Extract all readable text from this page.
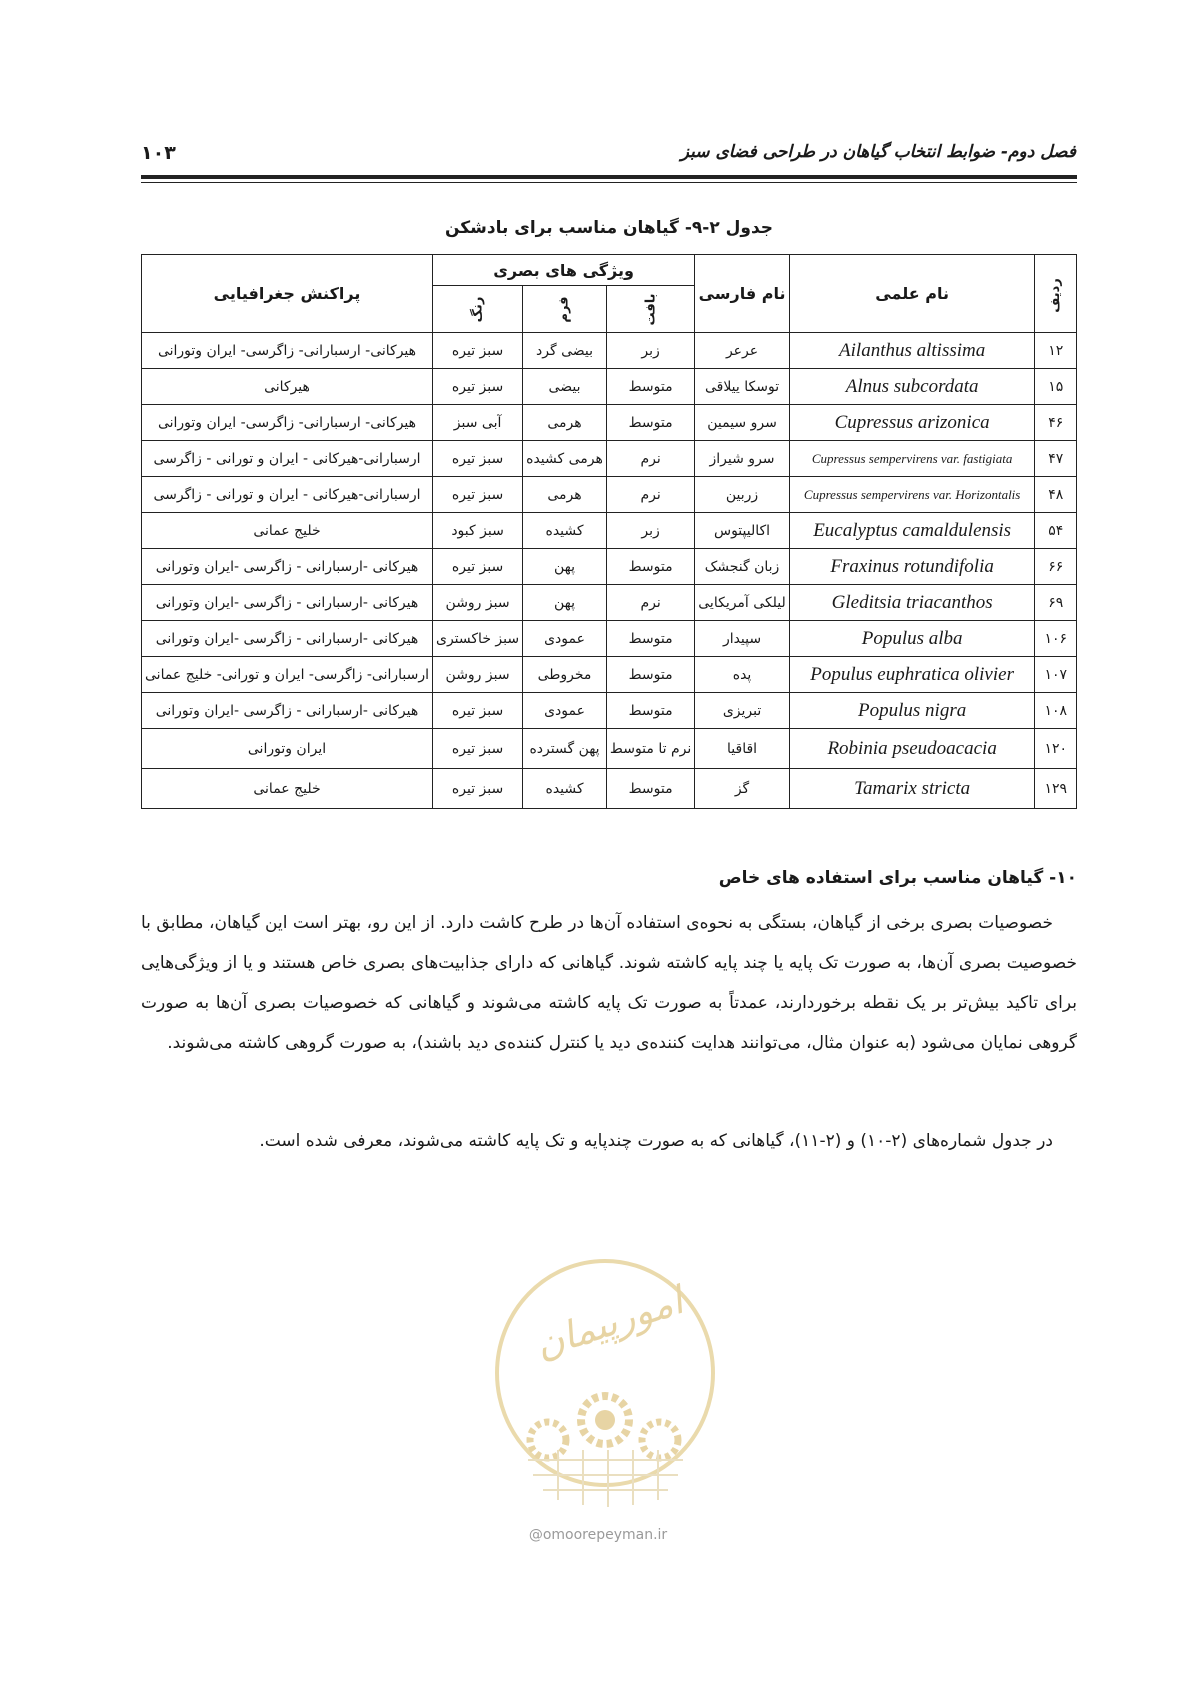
فصل دوم- ضوابط انتخاب گیاهان در طراحی فضای سبز
۱۰۳
جدول ۲-۹- گیاهان مناسب برای بادشکن
ردیف	نام علمی	نام فارسی	ویژگی های بصری			پراکنش جغرافیایی
			بافت	فرم	رنگ	
۱۲	Ailanthus altissima	عرعر	زبر	بیضی گرد	سبز تیره	هیرکانی- ارسبارانی- زاگرسی- ایران وتورانی
۱۵	Alnus subcordata	توسکا ییلاقی	متوسط	بیضی	سبز تیره	هیرکانی
۴۶	Cupressus arizonica	سرو سیمین	متوسط	هرمی	آبی سبز	هیرکانی- ارسبارانی- زاگرسی- ایران وتورانی
۴۷	Cupressus sempervirens var. fastigiata	سرو شیراز	نرم	هرمی کشیده	سبز تیره	ارسبارانی-هیرکانی - ایران و تورانی - زاگرسی
۴۸	Cupressus sempervirens var. Horizontalis	زربین	نرم	هرمی	سبز تیره	ارسبارانی-هیرکانی - ایران و تورانی - زاگرسی
۵۴	Eucalyptus camaldulensis	اکالیپتوس	زبر	کشیده	سبز کبود	خلیج عمانی
۶۶	Fraxinus rotundifolia	زبان گنجشک	متوسط	پهن	سبز تیره	هیرکانی -ارسبارانی - زاگرسی -ایران وتورانی
۶۹	Gleditsia triacanthos	لیلکی آمریکایی	نرم	پهن	سبز روشن	هیرکانی -ارسبارانی - زاگرسی -ایران وتورانی
۱۰۶	Populus alba	سپیدار	متوسط	عمودی	سبز خاکستری	هیرکانی -ارسبارانی - زاگرسی -ایران وتورانی
۱۰۷	Populus euphratica olivier	پده	متوسط	مخروطی	سبز روشن	ارسبارانی- زاگرسی- ایران و تورانی- خلیج عمانی
۱۰۸	Populus nigra	تبریزی	متوسط	عمودی	سبز تیره	هیرکانی -ارسبارانی - زاگرسی -ایران وتورانی
۱۲۰	Robinia pseudoacacia	اقاقیا	نرم تا متوسط	پهن گسترده	سبز تیره	ایران وتورانی
۱۲۹	Tamarix stricta	گز	متوسط	کشیده	سبز تیره	خلیج عمانی
۱۰- گیاهان مناسب برای استفاده های خاص

خصوصیات بصری برخی از گیاهان، بستگی به نحوه‌ی استفاده آن‌ها در طرح کاشت دارد. از این رو، بهتر است این گیاهان، مطابق با خصوصیت بصری آن‌ها، به صورت تک پایه یا چند پایه کاشته شوند. گیاهانی که دارای جذابیت‌های بصری خاص هستند و یا از ویژگی‌هایی برای تاکید بیش‌تر بر یک نقطه برخوردارند، عمدتاً به صورت تک پایه کاشته می‌شوند و گیاهانی که خصوصیات بصری آن‌ها به صورت گروهی نمایان می‌شود (به عنوان مثال، می‌توانند هدایت کننده‌ی دید یا کنترل کننده‌ی دید باشند)، به صورت گروهی کاشته می‌شوند.

در جدول شماره‌های (۲-۱۰) و (۲-۱۱)، گیاهانی که به صورت چندپایه و تک پایه کاشته می‌شوند، معرفی شده است.

امورپیمان
@omoorepeyman.ir
